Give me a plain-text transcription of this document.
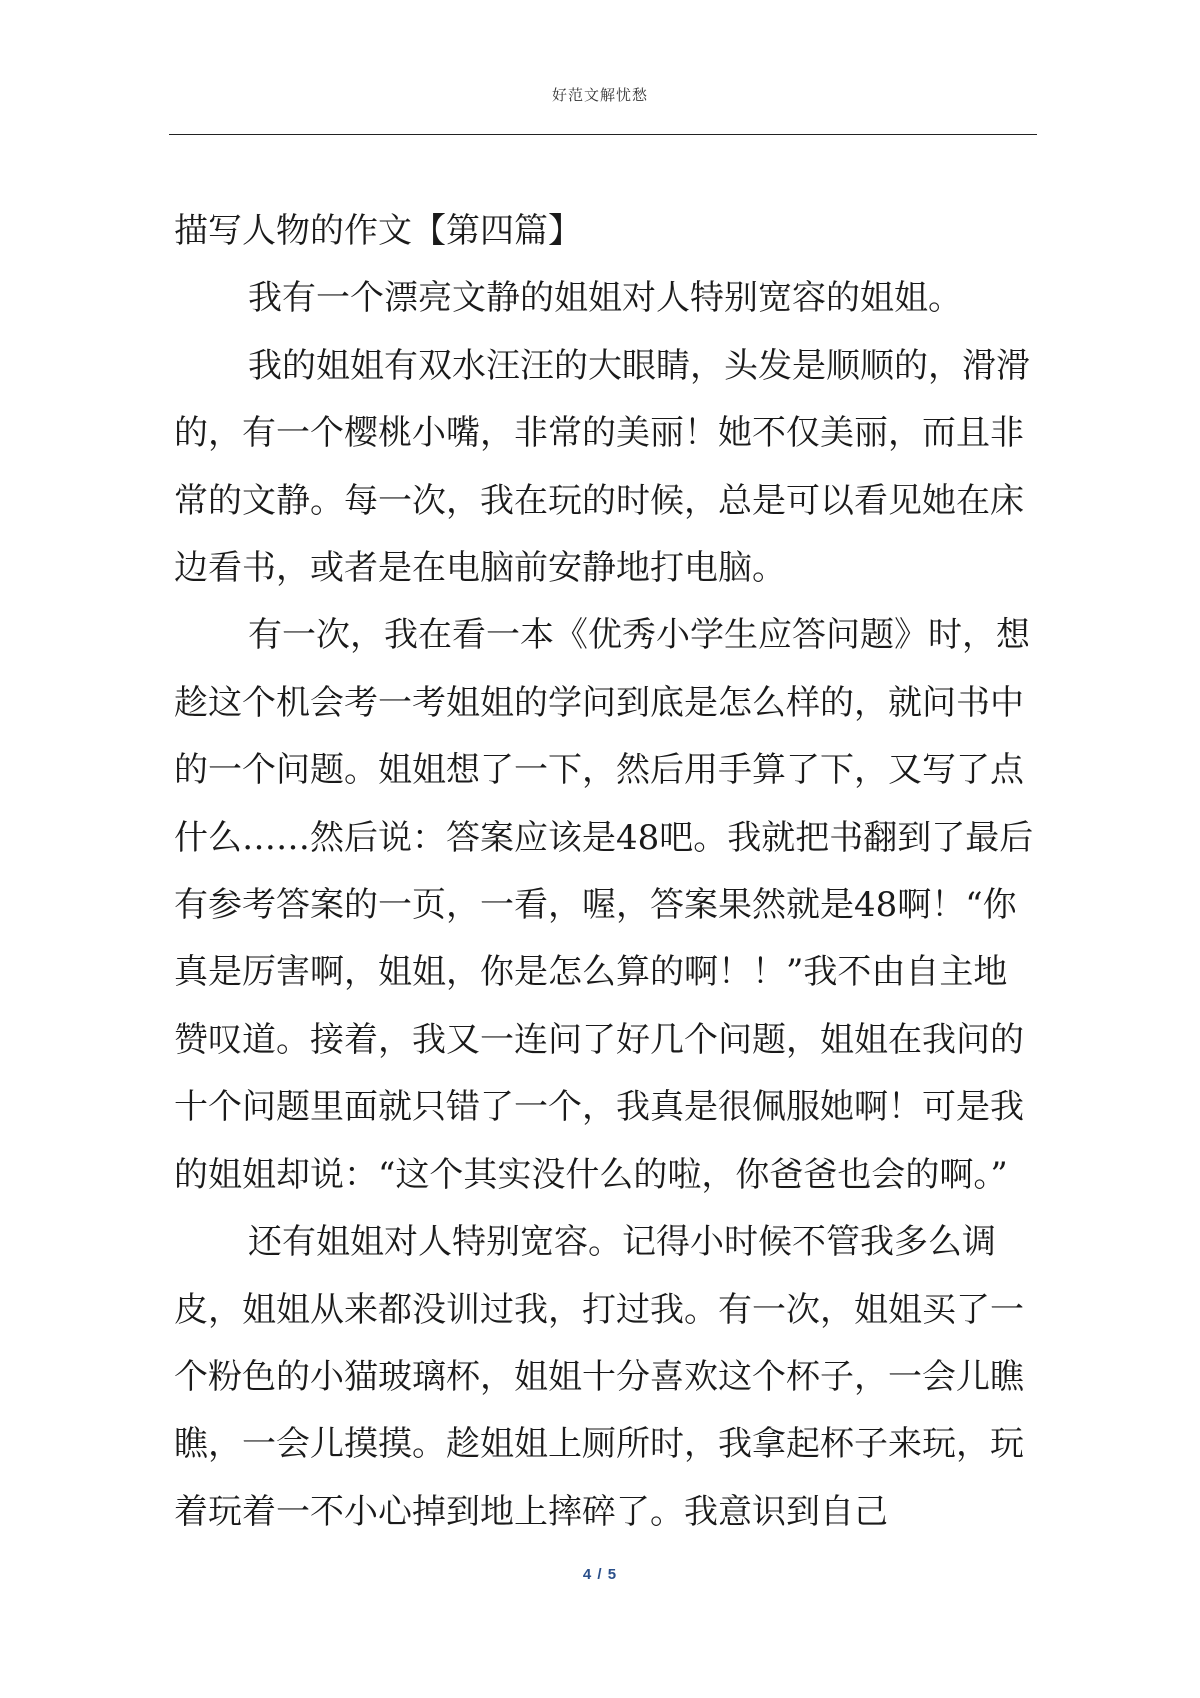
好范文解忧愁

描写人物的作文【第四篇】

我有一个漂亮文静的姐姐对人特别宽容的姐姐。

我的姐姐有双水汪汪的大眼睛，头发是顺顺的，滑滑的，有一个樱桃小嘴，非常的美丽！她不仅美丽，而且非常的文静。每一次，我在玩的时候，总是可以看见她在床边看书，或者是在电脑前安静地打电脑。

有一次，我在看一本《优秀小学生应答问题》时，想趁这个机会考一考姐姐的学问到底是怎么样的，就问书中的一个问题。姐姐想了一下，然后用手算了下，又写了点什么……然后说：答案应该是48吧。我就把书翻到了最后有参考答案的一页，一看，喔，答案果然就是48啊！“你真是厉害啊，姐姐，你是怎么算的啊！！”我不由自主地赞叹道。接着，我又一连问了好几个问题，姐姐在我问的十个问题里面就只错了一个，我真是很佩服她啊！可是我的姐姐却说：“这个其实没什么的啦，你爸爸也会的啊。”

还有姐姐对人特别宽容。记得小时候不管我多么调皮，姐姐从来都没训过我，打过我。有一次，姐姐买了一个粉色的小猫玻璃杯，姐姐十分喜欢这个杯子，一会儿瞧瞧，一会儿摸摸。趁姐姐上厕所时，我拿起杯子来玩，玩着玩着一不小心掉到地上摔碎了。我意识到自己

4 / 5
